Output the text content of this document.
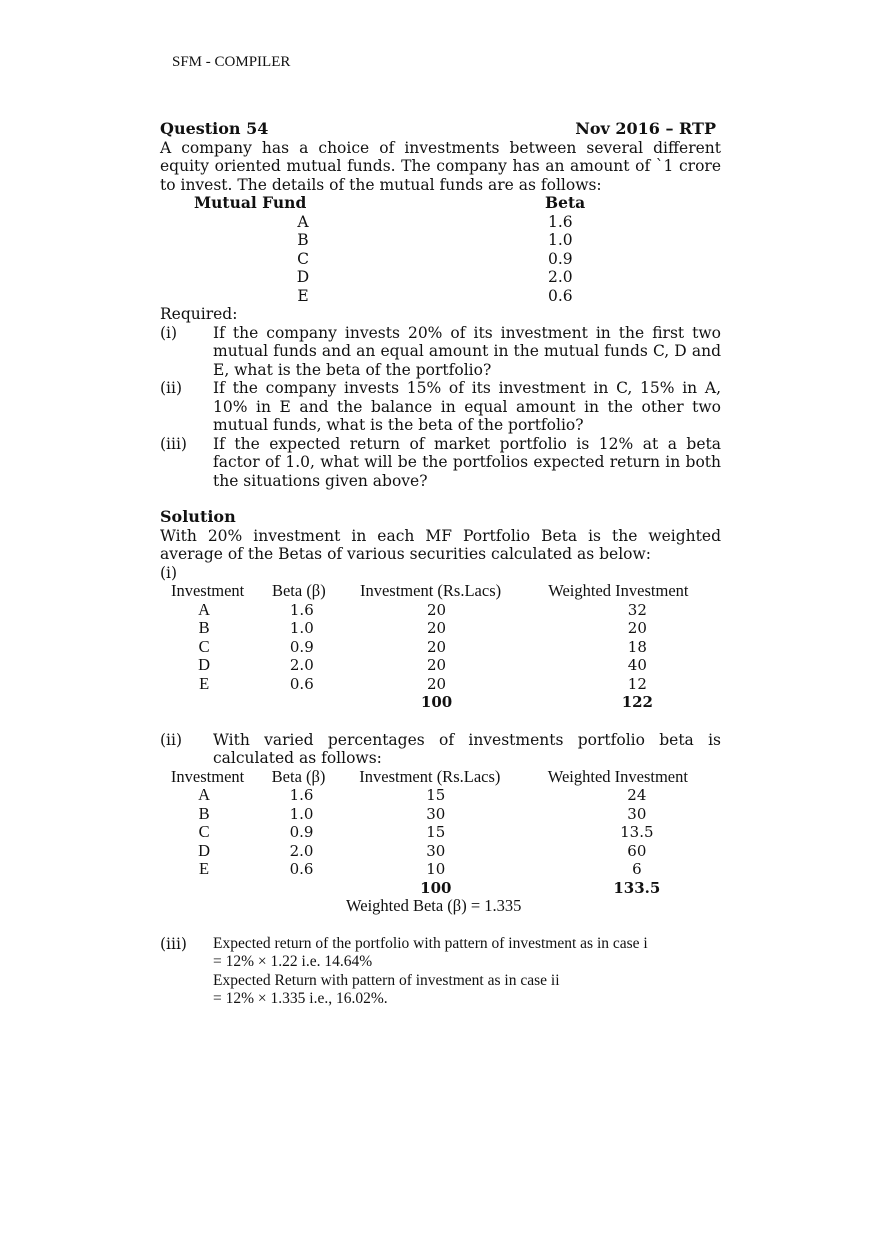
SFM - COMPILER
Question 54	Nov 2016 – RTP

A company has a choice of investments between several different equity oriented mutual funds. The company has an amount of `1 crore to invest. The details of the mutual funds are as follows:

Mutual Fund	Beta
A	1.6
B	1.0
C	0.9
D	2.0
E	0.6
Required:
(i)	If the company invests 20% of its investment in the first two mutual funds and an equal amount in the mutual funds C, D and E, what is the beta of the portfolio?
(ii)	If the company invests 15% of its investment in C, 15% in A, 10% in E and the balance in equal amount in the other two mutual funds, what is the beta of the portfolio?
(iii)	If the expected return of market portfolio is 12% at a beta factor of 1.0, what will be the portfolios expected return in both the situations given above?
Solution

With 20% investment in each MF Portfolio Beta is the weighted average of the Betas of various securities calculated as below:

(i)
Investment	Beta (β)	Investment (Rs.Lacs)	Weighted Investment
A	1.6	20	32
B	1.0	20	20
C	0.9	20	18
D	2.0	20	40
E	0.6	20	12
		100	122
(ii)	With varied percentages of investments portfolio beta is calculated as follows:
Investment	Beta (β)	Investment (Rs.Lacs)	Weighted Investment
A	1.6	15	24
B	1.0	30	30
C	0.9	15	13.5
D	2.0	30	60
E	0.6	10	6
		100	133.5
Weighted Beta (β) = 1.335
(iii)	Expected return of the portfolio with pattern of investment as in case i
= 12% × 1.22 i.e. 14.64%
Expected Return with pattern of investment as in case ii
= 12% × 1.335 i.e., 16.02%.
